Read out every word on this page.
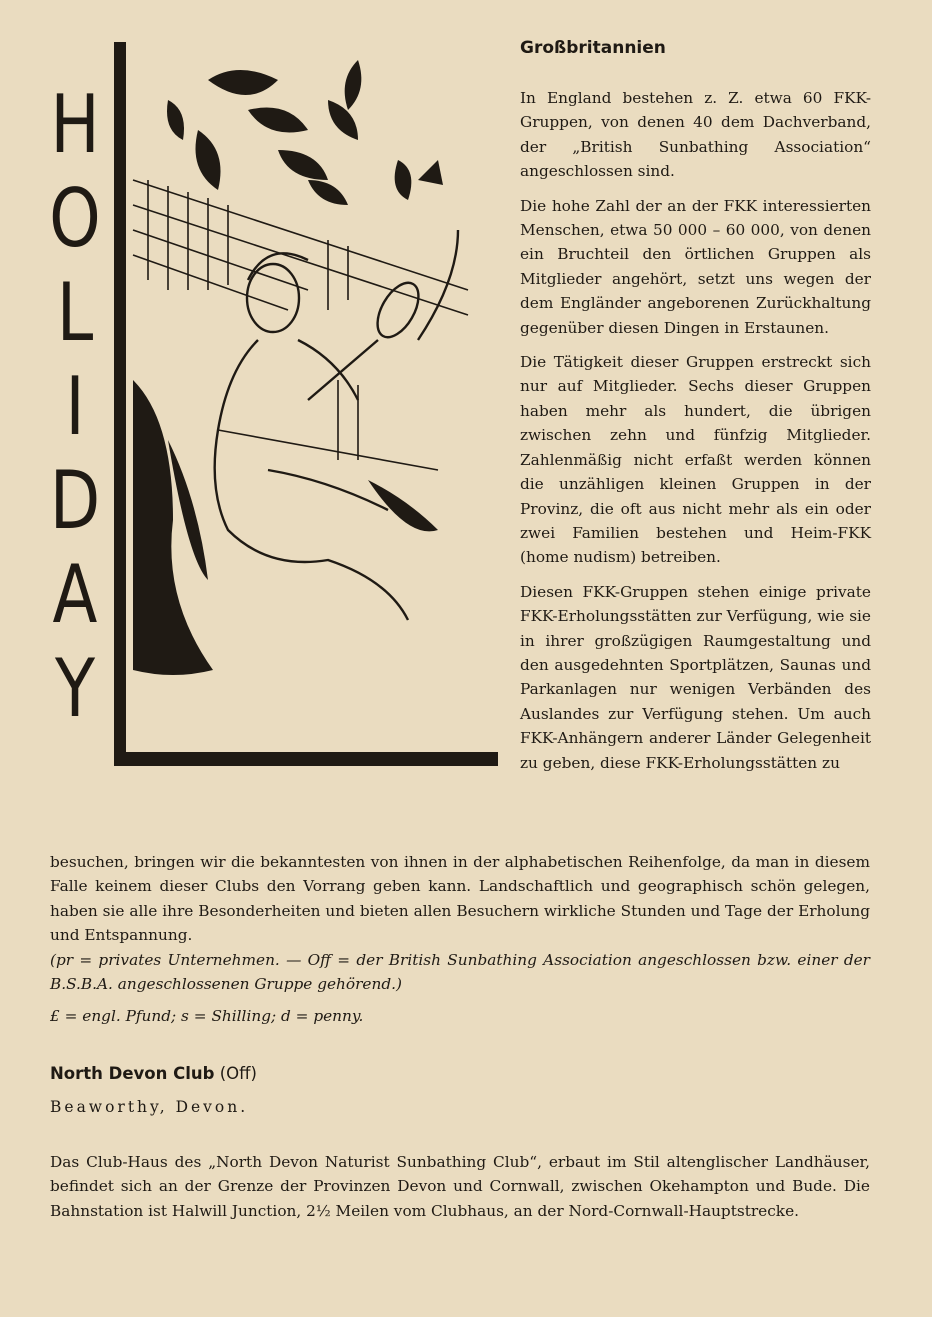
H
O
L
I
D
A
Y
Großbritannien

In England bestehen z. Z. etwa 60 FKK-Gruppen, von denen 40 dem Dachverband, der „British Sunbathing Association“ angeschlossen sind.

Die hohe Zahl der an der FKK interessierten Menschen, etwa 50 000 – 60 000, von denen ein Bruchteil den örtlichen Gruppen als Mitglieder angehört, setzt uns wegen der dem Engländer angeborenen Zurückhaltung gegenüber diesen Dingen in Erstaunen.

Die Tätigkeit dieser Gruppen erstreckt sich nur auf Mitglieder. Sechs dieser Gruppen haben mehr als hundert, die übrigen zwischen zehn und fünfzig Mitglieder. Zahlenmäßig nicht erfaßt werden können die unzähligen kleinen Gruppen in der Provinz, die oft aus nicht mehr als ein oder zwei Familien bestehen und Heim-FKK (home nudism) betreiben.

Diesen FKK-Gruppen stehen einige private FKK-Erholungsstätten zur Verfügung, wie sie in ihrer großzügigen Raumgestaltung und den ausgedehnten Sportplätzen, Saunas und Parkanlagen nur wenigen Verbänden des Auslandes zur Verfügung stehen. Um auch FKK-Anhängern anderer Länder Gelegenheit zu geben, diese FKK-Erholungsstätten zu

besuchen, bringen wir die bekanntesten von ihnen in der alphabetischen Reihenfolge, da man in diesem Falle keinem dieser Clubs den Vorrang geben kann. Landschaftlich und geographisch schön gelegen, haben sie alle ihre Besonderheiten und bieten allen Besuchern wirkliche Stunden und Tage der Erholung und Entspannung.

(pr = privates Unternehmen. — Off = der British Sunbathing Association angeschlossen bzw. einer der B.S.B.A. angeschlossenen Gruppe gehörend.)

£ = engl. Pfund; s = Shilling; d = penny.

North Devon Club (Off)
Beaworthy, Devon.

Das Club-Haus des „North Devon Naturist Sunbathing Club“, erbaut im Stil altenglischer Landhäuser, befindet sich an der Grenze der Provinzen Devon und Cornwall, zwischen Okehampton und Bude. Die Bahnstation ist Halwill Junction, 2½ Meilen vom Clubhaus, an der Nord-Cornwall-Hauptstrecke.
